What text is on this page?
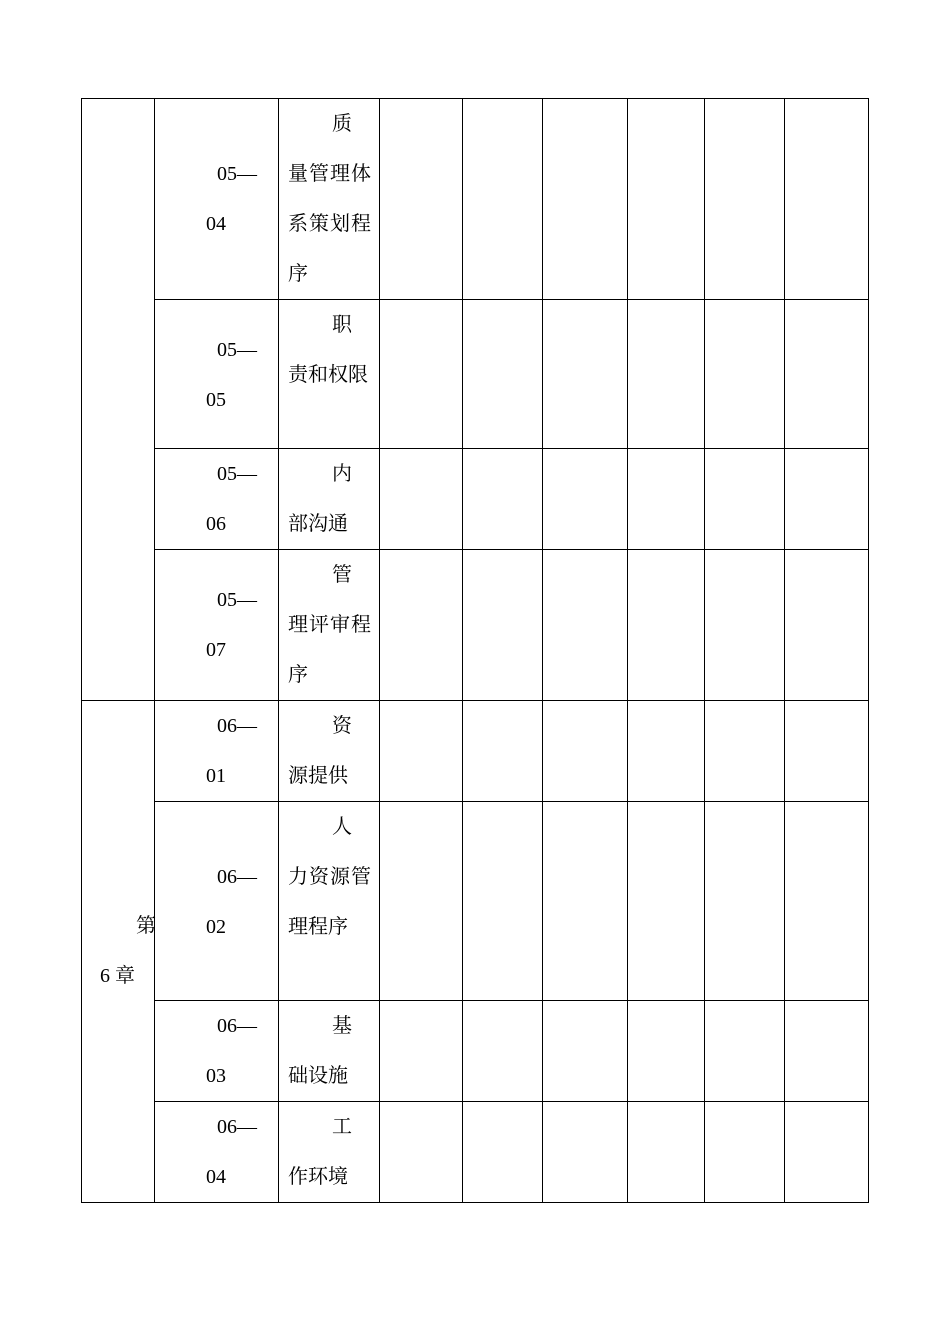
	05—
04	质
量管理体系策划程序						

	05—
05	职
责和权限						

	05—
06	内
部沟通						

	05—
07	管
理评审程序						

第
6 章	06—
01	资
源提供						

	06—
02	人
力资源管理程序						

	06—
03	基
础设施						

	06—
04	工
作环境						
